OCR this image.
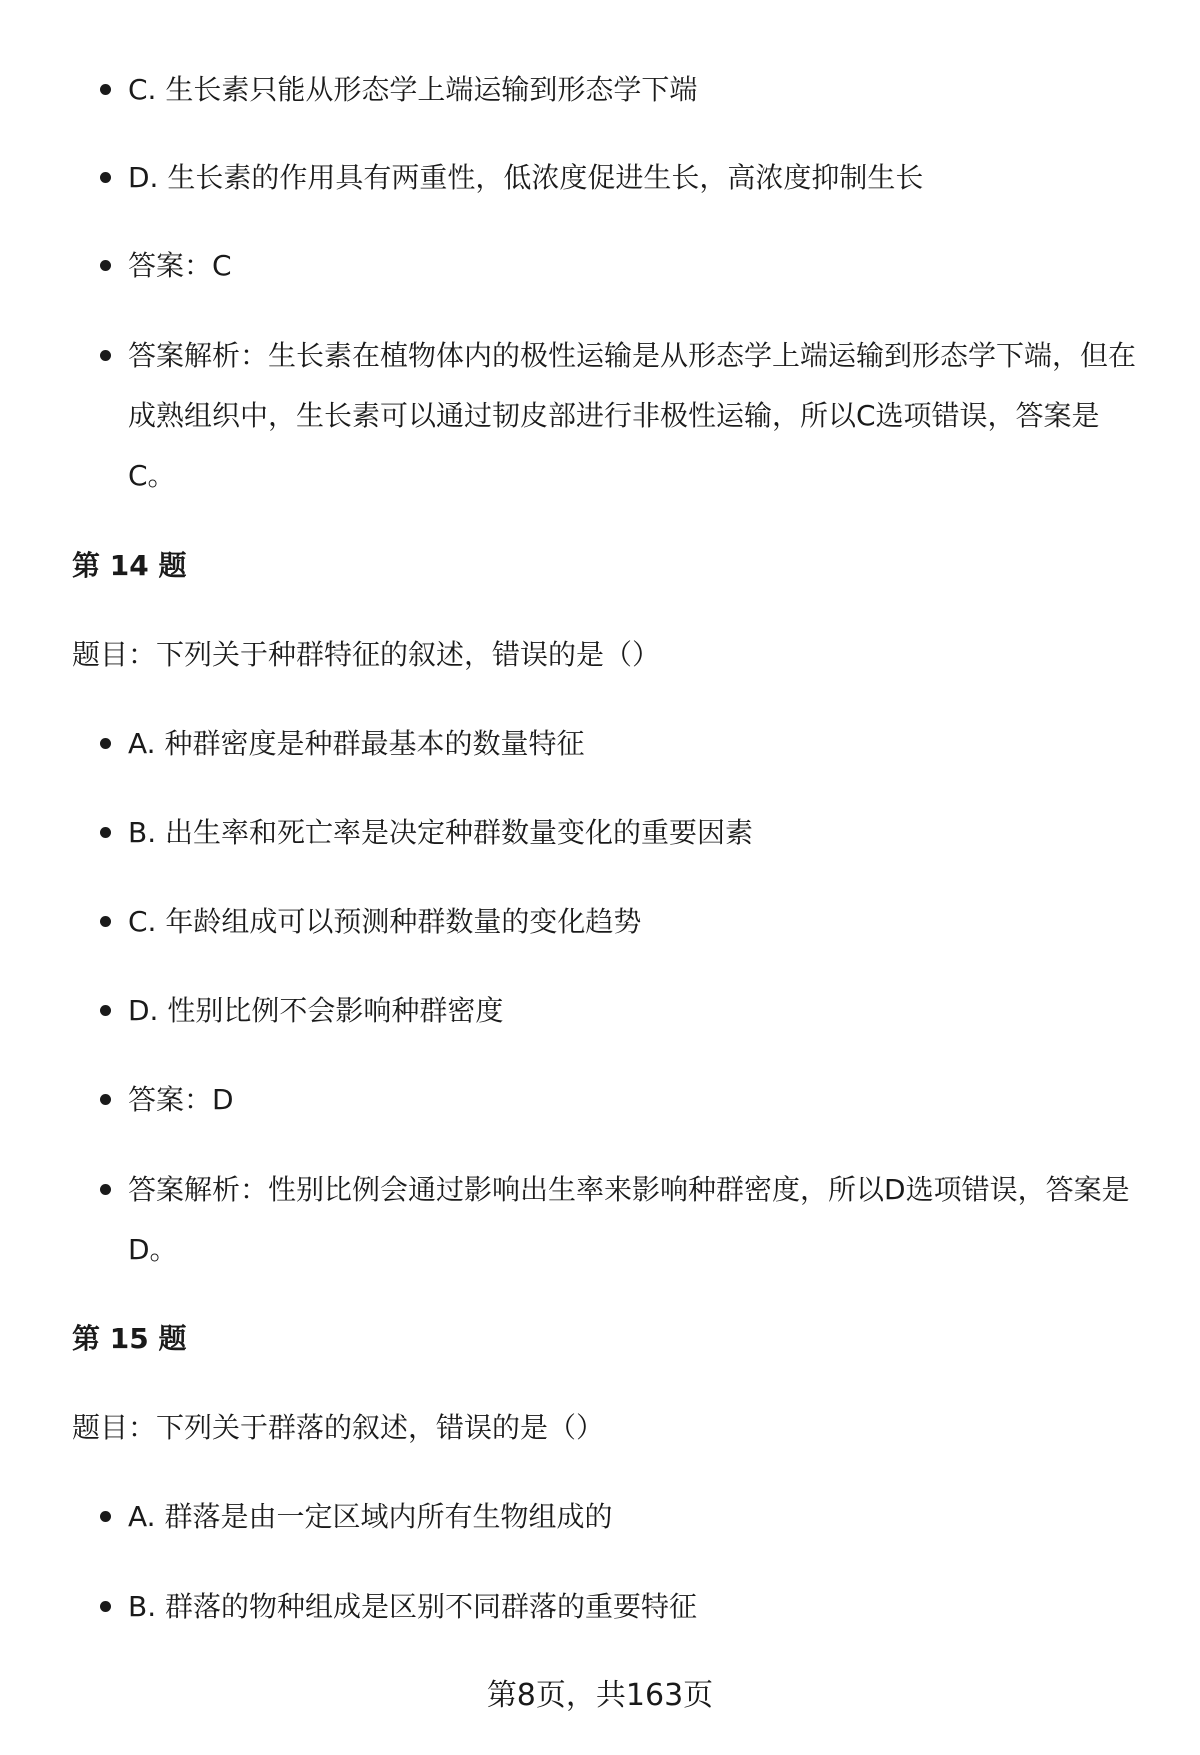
C. 生长素只能从形态学上端运输到形态学下端

D. 生长素的作用具有两重性，低浓度促进生长，高浓度抑制生长

答案：C

答案解析：生长素在植物体内的极性运输是从形态学上端运输到形态学下端，但在成熟组织中，生长素可以通过韧皮部进行非极性运输，所以C选项错误，答案是C。

第 14 题

题目：下列关于种群特征的叙述，错误的是（）

A. 种群密度是种群最基本的数量特征

B. 出生率和死亡率是决定种群数量变化的重要因素

C. 年龄组成可以预测种群数量的变化趋势

D. 性别比例不会影响种群密度

答案：D

答案解析：性别比例会通过影响出生率来影响种群密度，所以D选项错误，答案是D。

第 15 题

题目：下列关于群落的叙述，错误的是（）

A. 群落是由一定区域内所有生物组成的

B. 群落的物种组成是区别不同群落的重要特征

第8页，共163页
